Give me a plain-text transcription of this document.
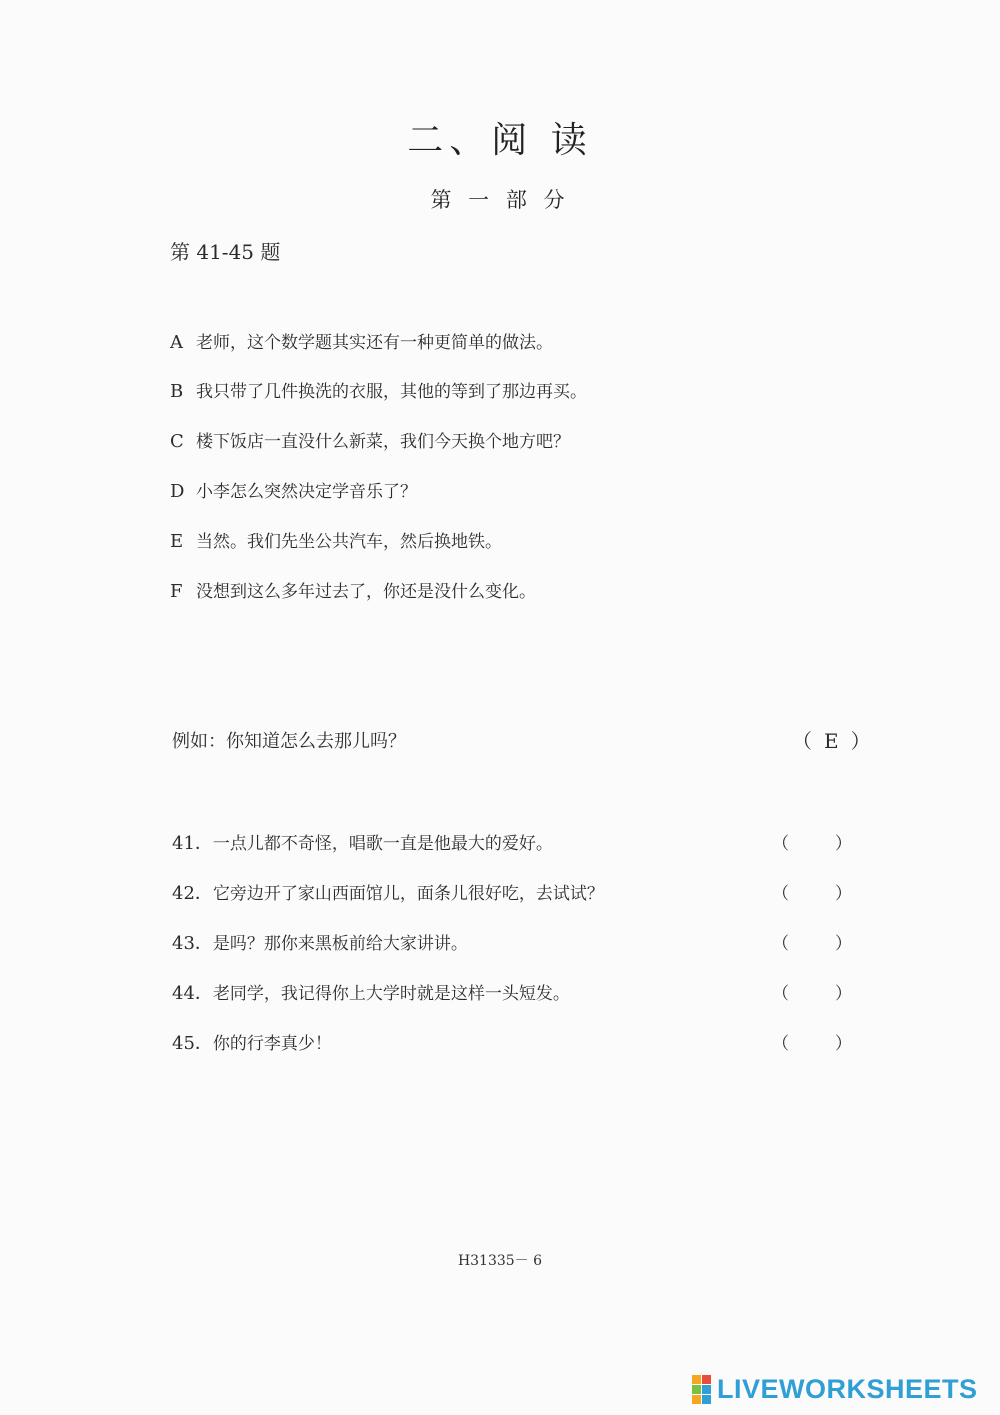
二、阅 读
第 一 部 分
第 41-45 题
A 老师，这个数学题其实还有一种更简单的做法。
B 我只带了几件换洗的衣服，其他的等到了那边再买。
C 楼下饭店一直没什么新菜，我们今天换个地方吧？
D 小李怎么突然决定学音乐了？
E 当然。我们先坐公共汽车，然后换地铁。
F 没想到这么多年过去了，你还是没什么变化。
例如：你知道怎么去那儿吗？	（ E ）
41．一点儿都不奇怪，唱歌一直是他最大的爱好。	（	）
42．它旁边开了家山西面馆儿，面条儿很好吃，去试试？	（	）
43．是吗？那你来黑板前给大家讲讲。	（	）
44．老同学，我记得你上大学时就是这样一头短发。	（	）
45．你的行李真少！	（	）
H31335－ 6
LIVEWORKSHEETS
